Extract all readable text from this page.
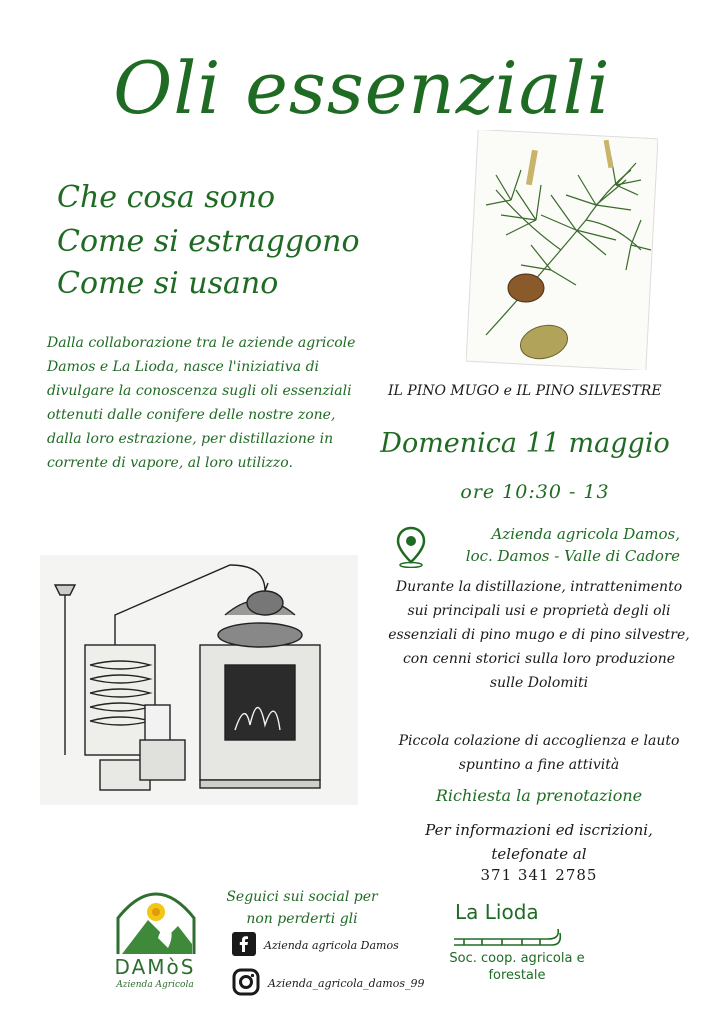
Oli essenziali
Che cosa sono
Come si estraggono
Come si usano
Dalla collaborazione tra le aziende agricole Damos e La Lioda, nasce l'iniziativa di divulgare la conoscenza sugli oli essenziali ottenuti dalle conifere delle nostre zone, dalla loro estrazione, per distillazione in corrente di vapore, al loro utilizzo.
IL PINO MUGO e IL PINO SILVESTRE
Domenica 11 maggio
ore 10:30 - 13
Azienda agricola Damos,
loc. Damos - Valle di Cadore
Durante la distillazione, intrattenimento sui principali usi e proprietà degli oli essenziali di pino mugo e di pino silvestre, con cenni storici sulla loro produzione sulle Dolomiti
Piccola colazione di accoglienza e lauto spuntino a fine attività
Richiesta la prenotazione
Per informazioni ed iscrizioni, telefonate al
371 341 2785
DAMòS
Azienda Agricola
Seguici sui social per non perderti gli
Azienda agricola Damos
Azienda_agricola_damos_99
La Lioda
Soc. coop. agricola e forestale
